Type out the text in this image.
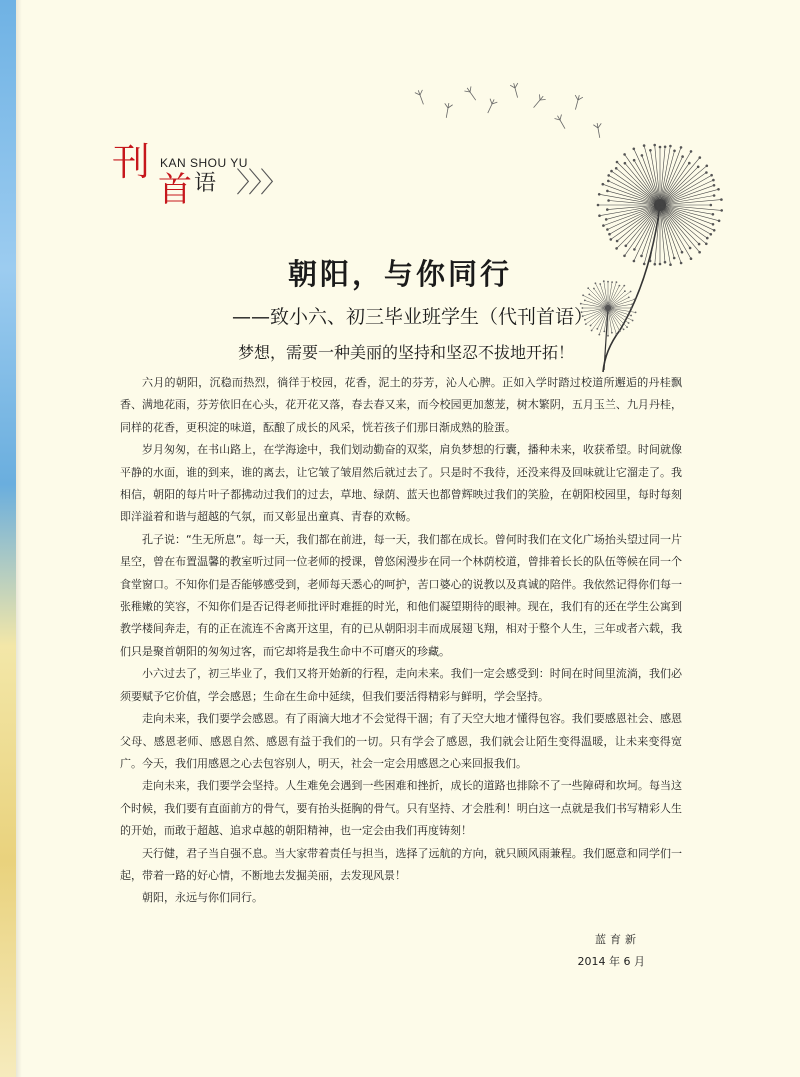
刊 KAN SHOU YU
首 语 〉〉〉
朝阳，与你同行
——致小六、初三毕业班学生（代刊首语）
梦想，需要一种美丽的坚持和坚忍不拔地开拓！

六月的朝阳，沉稳而热烈，徜徉于校园，花香，泥土的芬芳，沁人心脾。正如入学时踏过校道所邂逅的丹桂飘香、满地花雨，芬芳依旧在心头，花开花又落，春去春又来，而今校园更加葱茏，树木繁阴，五月玉兰、九月丹桂，同样的花香，更积淀的味道，酝酿了成长的风采，恍若孩子们那日渐成熟的脸蛋。

岁月匆匆，在书山路上，在学海途中，我们划动勤奋的双桨，肩负梦想的行囊，播种未来，收获希望。时间就像平静的水面，谁的到来，谁的离去，让它皱了皱眉然后就过去了。只是时不我待，还没来得及回味就让它溜走了。我相信，朝阳的每片叶子都拂动过我们的过去，草地、绿荫、蓝天也都曾辉映过我们的笑脸，在朝阳校园里，每时每刻即洋溢着和谐与超越的气氛，而又彰显出童真、青春的欢畅。

孔子说：“生无所息”。每一天，我们都在前进，每一天，我们都在成长。曾何时我们在文化广场抬头望过同一片星空，曾在布置温馨的教室听过同一位老师的授课，曾悠闲漫步在同一个林荫校道，曾排着长长的队伍等候在同一个食堂窗口。不知你们是否能够感受到，老师每天悉心的呵护，苦口婆心的说教以及真诚的陪伴。我依然记得你们每一张稚嫩的笑容，不知你们是否记得老师批评时难捱的时光，和他们凝望期待的眼神。现在，我们有的还在学生公寓到教学楼间奔走，有的正在流连不舍离开这里，有的已从朝阳羽丰而成展翅飞翔，相对于整个人生，三年或者六载，我们只是聚首朝阳的匆匆过客，而它却将是我生命中不可磨灭的珍藏。

小六过去了，初三毕业了，我们又将开始新的行程，走向未来。我们一定会感受到：时间在时间里流淌，我们必须要赋予它价值，学会感恩；生命在生命中延续，但我们要活得精彩与鲜明，学会坚持。

走向未来，我们要学会感恩。有了雨滴大地才不会觉得干涸；有了天空大地才懂得包容。我们要感恩社会、感恩父母、感恩老师、感恩自然、感恩有益于我们的一切。只有学会了感恩，我们就会让陌生变得温暖，让未来变得宽广。今天，我们用感恩之心去包容别人，明天，社会一定会用感恩之心来回报我们。

走向未来，我们要学会坚持。人生难免会遇到一些困难和挫折，成长的道路也排除不了一些障碍和坎坷。每当这个时候，我们要有直面前方的骨气，要有抬头挺胸的骨气。只有坚持、才会胜利！明白这一点就是我们书写精彩人生的开始，而敢于超越、追求卓越的朝阳精神，也一定会由我们再度铸刻！

天行健，君子当自强不息。当大家带着责任与担当，选择了远航的方向，就只顾风雨兼程。我们愿意和同学们一起，带着一路的好心情，不断地去发掘美丽，去发现风景！

朝阳，永远与你们同行。

蓝育新
2014 年 6 月
